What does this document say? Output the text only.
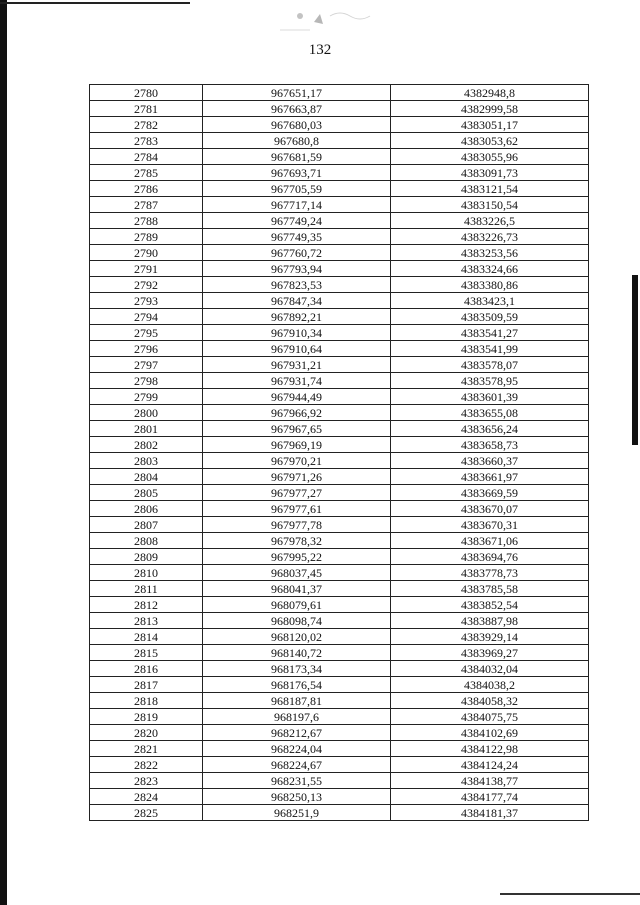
132
2780	967651,17	4382948,8
2781	967663,87	4382999,58
2782	967680,03	4383051,17
2783	967680,8	4383053,62
2784	967681,59	4383055,96
2785	967693,71	4383091,73
2786	967705,59	4383121,54
2787	967717,14	4383150,54
2788	967749,24	4383226,5
2789	967749,35	4383226,73
2790	967760,72	4383253,56
2791	967793,94	4383324,66
2792	967823,53	4383380,86
2793	967847,34	4383423,1
2794	967892,21	4383509,59
2795	967910,34	4383541,27
2796	967910,64	4383541,99
2797	967931,21	4383578,07
2798	967931,74	4383578,95
2799	967944,49	4383601,39
2800	967966,92	4383655,08
2801	967967,65	4383656,24
2802	967969,19	4383658,73
2803	967970,21	4383660,37
2804	967971,26	4383661,97
2805	967977,27	4383669,59
2806	967977,61	4383670,07
2807	967977,78	4383670,31
2808	967978,32	4383671,06
2809	967995,22	4383694,76
2810	968037,45	4383778,73
2811	968041,37	4383785,58
2812	968079,61	4383852,54
2813	968098,74	4383887,98
2814	968120,02	4383929,14
2815	968140,72	4383969,27
2816	968173,34	4384032,04
2817	968176,54	4384038,2
2818	968187,81	4384058,32
2819	968197,6	4384075,75
2820	968212,67	4384102,69
2821	968224,04	4384122,98
2822	968224,67	4384124,24
2823	968231,55	4384138,77
2824	968250,13	4384177,74
2825	968251,9	4384181,37
